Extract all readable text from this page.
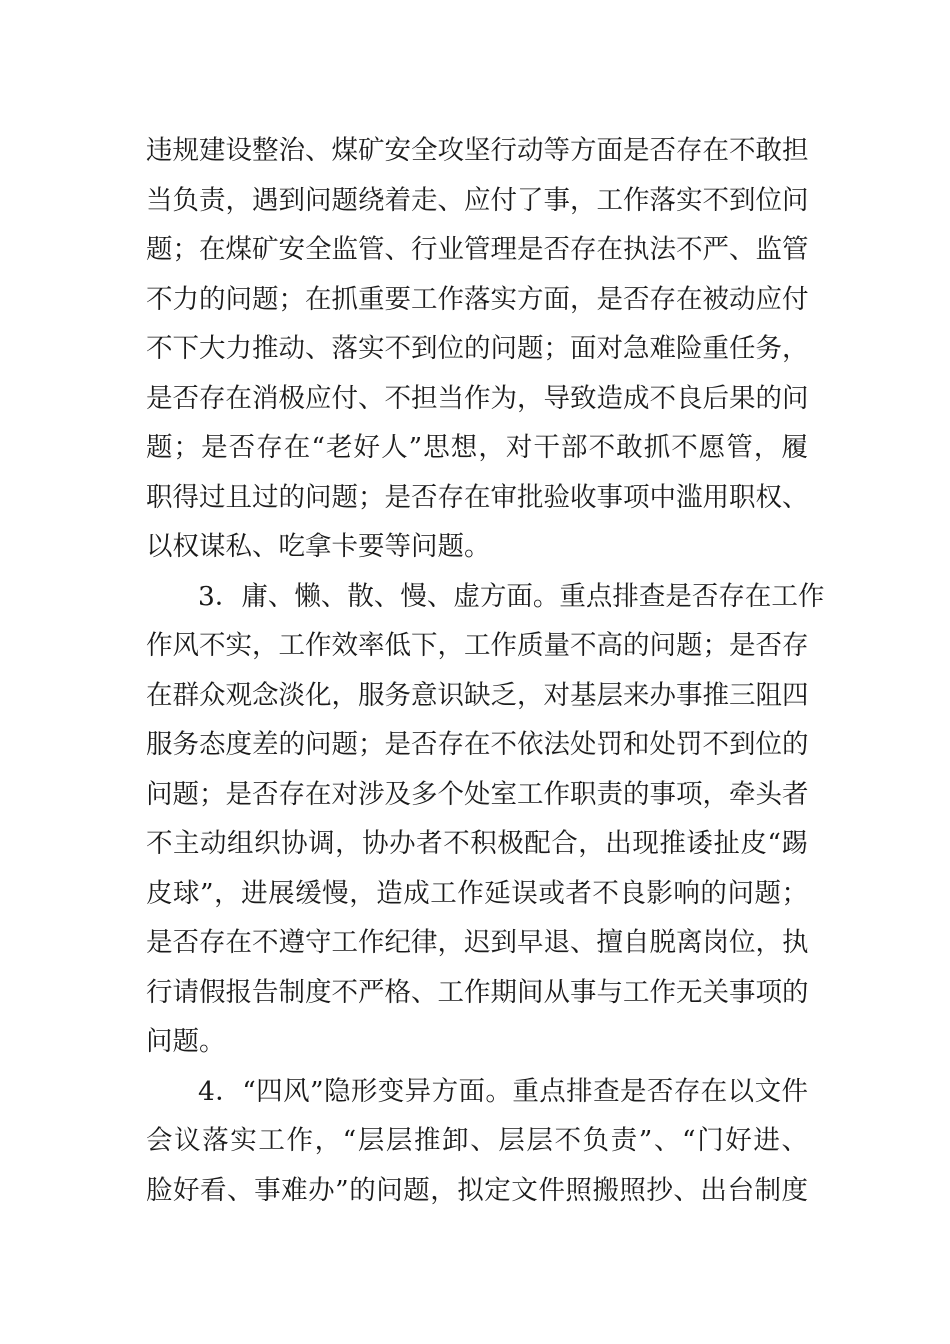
违规建设整治、煤矿安全攻坚行动等方面是否存在不敢担
当负责，遇到问题绕着走、应付了事，工作落实不到位问
题；在煤矿安全监管、行业管理是否存在执法不严、监管
不力的问题；在抓重要工作落实方面，是否存在被动应付
不下大力推动、落实不到位的问题；面对急难险重任务，
是否存在消极应付、不担当作为，导致造成不良后果的问
题；是否存在“老好人”思想，对干部不敢抓不愿管，履
职得过且过的问题；是否存在审批验收事项中滥用职权、
以权谋私、吃拿卡要等问题。
3．庸、懒、散、慢、虚方面。重点排查是否存在工作
作风不实，工作效率低下，工作质量不高的问题；是否存
在群众观念淡化，服务意识缺乏，对基层来办事推三阻四
服务态度差的问题；是否存在不依法处罚和处罚不到位的
问题；是否存在对涉及多个处室工作职责的事项，牵头者
不主动组织协调，协办者不积极配合，出现推诿扯皮“踢
皮球”，进展缓慢，造成工作延误或者不良影响的问题；
是否存在不遵守工作纪律，迟到早退、擅自脱离岗位，执
行请假报告制度不严格、工作期间从事与工作无关事项的
问题。
4．“四风”隐形变异方面。重点排查是否存在以文件
会议落实工作，“层层推卸、层层不负责”、“门好进、
脸好看、事难办”的问题，拟定文件照搬照抄、出台制度
